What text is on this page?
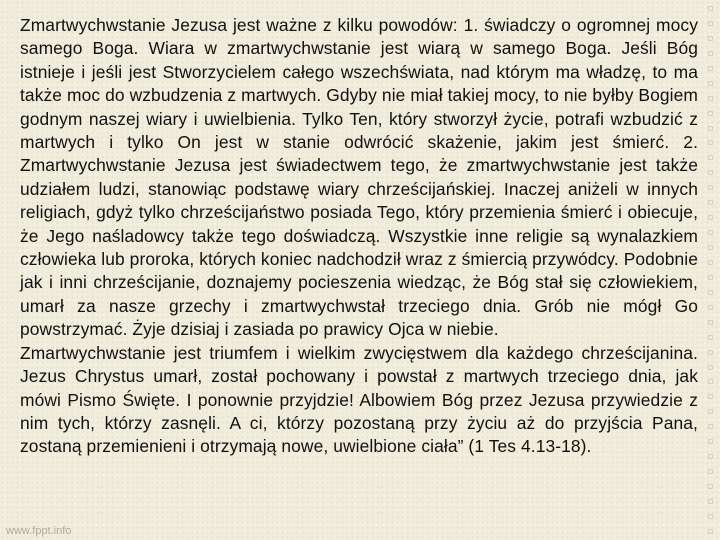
Zmartwychwstanie Jezusa jest ważne z kilku powodów: 1. świadczy o ogromnej mocy samego Boga. Wiara w zmartwychwstanie jest wiarą w samego Boga. Jeśli Bóg istnieje i jeśli jest Stworzycielem całego wszechświata, nad którym ma władzę, to ma także moc do wzbudzenia z martwych. Gdyby nie miał takiej mocy, to nie byłby Bogiem godnym naszej wiary i uwielbienia. Tylko Ten, który stworzył życie, potrafi wzbudzić z martwych i tylko On jest w stanie odwrócić skażenie, jakim jest śmierć. 2. Zmartwychwstanie Jezusa jest świadectwem tego, że zmartwychwstanie jest także udziałem ludzi, stanowiąc podstawę wiary chrześcijańskiej. Inaczej aniżeli w innych religiach, gdyż tylko chrześcijaństwo posiada Tego, który przemienia śmierć i obiecuje, że Jego naśladowcy także tego doświadczą. Wszystkie inne religie są wynalazkiem człowieka lub proroka, których koniec nadchodził wraz z śmiercią przywódcy. Podobnie jak i inni chrześcijanie, doznajemy pocieszenia wiedząc, że Bóg stał się człowiekiem, umarł za nasze grzechy i zmartwychwstał trzeciego dnia. Grób nie mógł Go powstrzymać. Żyje dzisiaj i zasiada po prawicy Ojca w niebie.

Zmartwychwstanie jest triumfem i wielkim zwycięstwem dla każdego chrześcijanina. Jezus Chrystus umarł, został pochowany i powstał z martwych trzeciego dnia, jak mówi Pismo Święte. I ponownie przyjdzie! Albowiem Bóg przez Jezusa przywiedzie z nim tych, którzy zasnęli. A ci, którzy pozostaną przy życiu aż do przyjścia Pana, zostaną przemienieni i otrzymają nowe, uwielbione ciała” (1 Tes 4.13-18).

www.fppt.info
